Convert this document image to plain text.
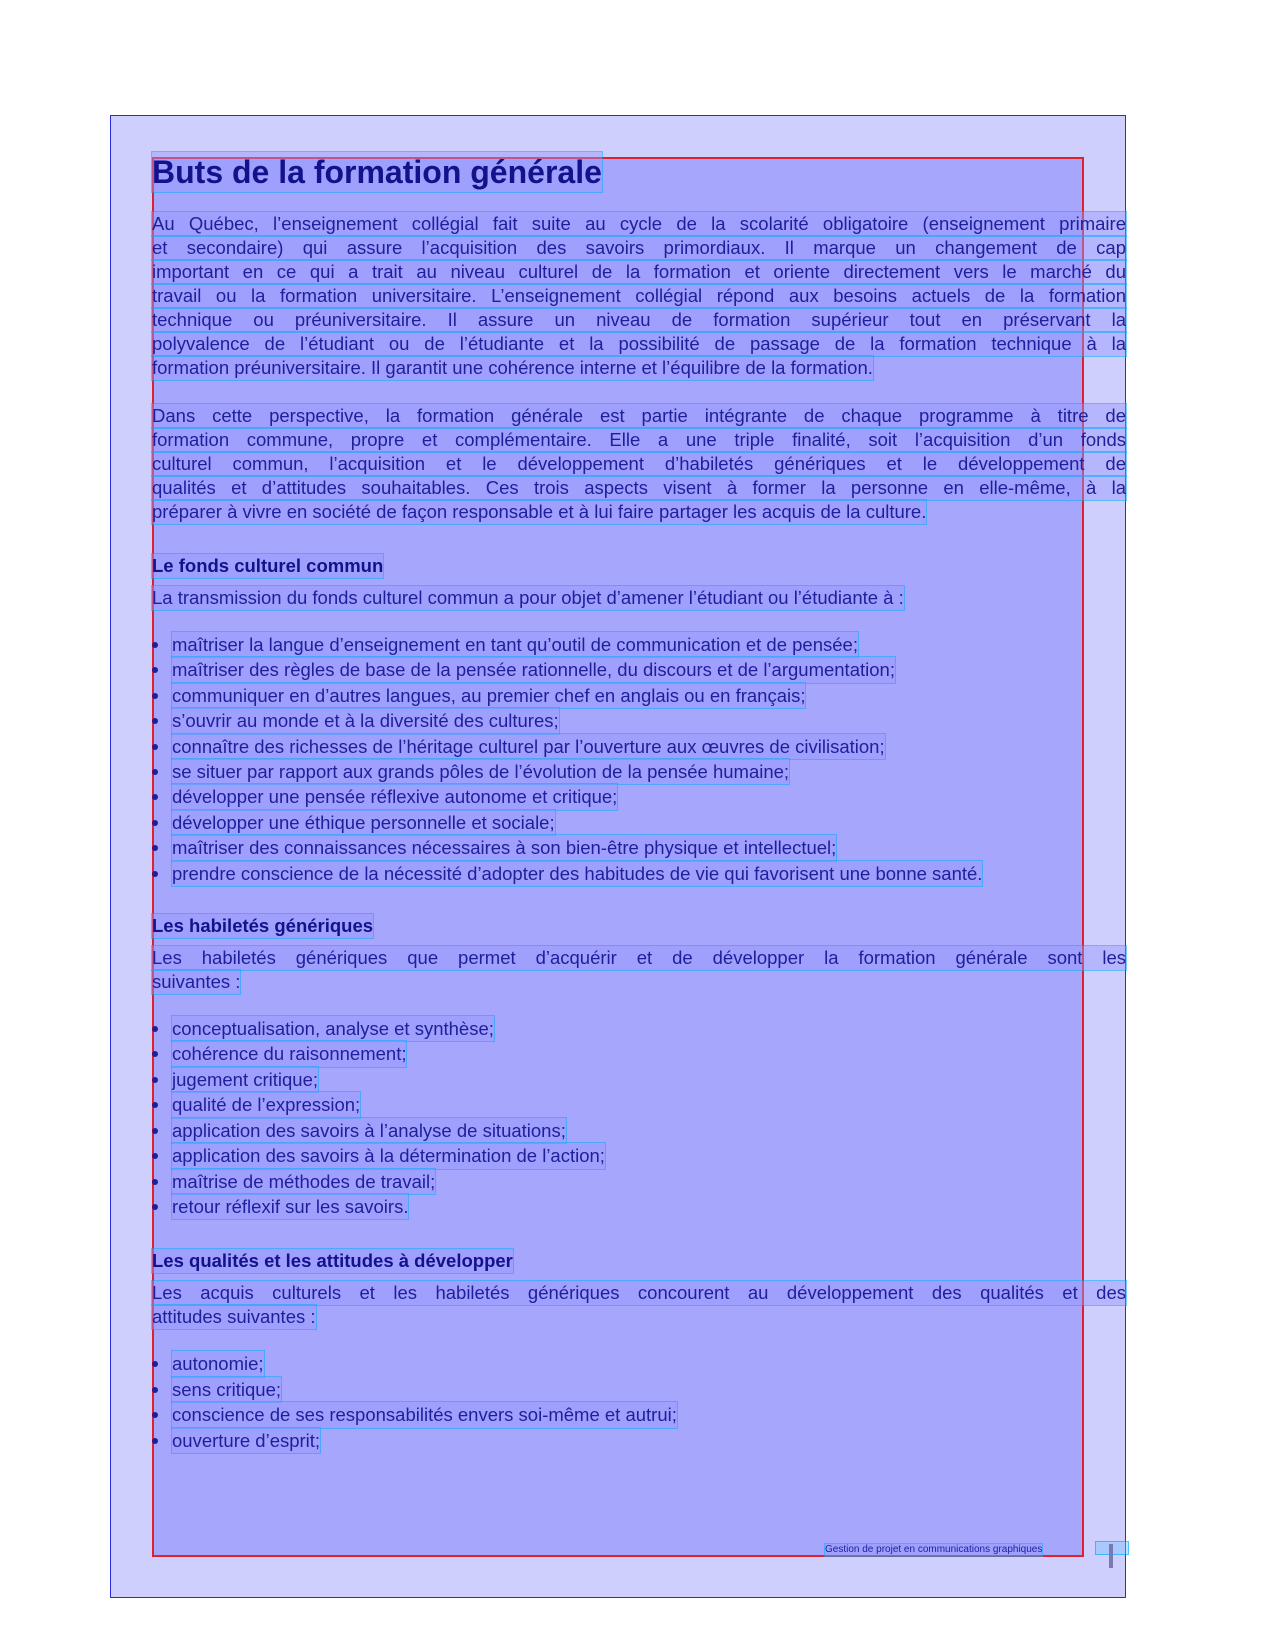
Buts de la formation générale
Au Québec, l’enseignement collégial fait suite au cycle de la scolarité obligatoire (enseignement primaire
et secondaire) qui assure l’acquisition des savoirs primordiaux. Il marque un changement de cap
important en ce qui a trait au niveau culturel de la formation et oriente directement vers le marché du
travail ou la formation universitaire. L’enseignement collégial répond aux besoins actuels de la formation
technique ou préuniversitaire. Il assure un niveau de formation supérieur tout en préservant la
polyvalence de l’étudiant ou de l’étudiante et la possibilité de passage de la formation technique à la
formation préuniversitaire. Il garantit une cohérence interne et l’équilibre de la formation.
Dans cette perspective, la formation générale est partie intégrante de chaque programme à titre de
formation commune, propre et complémentaire. Elle a une triple finalité, soit l’acquisition d’un fonds
culturel commun, l’acquisition et le développement d’habiletés génériques et le développement de
qualités et d’attitudes souhaitables. Ces trois aspects visent à former la personne en elle-même, à la
préparer à vivre en société de façon responsable et à lui faire partager les acquis de la culture.
Le fonds culturel commun
La transmission du fonds culturel commun a pour objet d’amener l’étudiant ou l’étudiante à :
maîtriser la langue d’enseignement en tant qu’outil de communication et de pensée;
maîtriser des règles de base de la pensée rationnelle, du discours et de l’argumentation;
communiquer en d’autres langues, au premier chef en anglais ou en français;
s’ouvrir au monde et à la diversité des cultures;
connaître des richesses de l’héritage culturel par l’ouverture aux œuvres de civilisation;
se situer par rapport aux grands pôles de l’évolution de la pensée humaine;
développer une pensée réflexive autonome et critique;
développer une éthique personnelle et sociale;
maîtriser des connaissances nécessaires à son bien-être physique et intellectuel;
prendre conscience de la nécessité d’adopter des habitudes de vie qui favorisent une bonne santé.
Les habiletés génériques
Les habiletés génériques que permet d’acquérir et de développer la formation générale sont les
suivantes :
conceptualisation, analyse et synthèse;
cohérence du raisonnement;
jugement critique;
qualité de l’expression;
application des savoirs à l’analyse de situations;
application des savoirs à la détermination de l’action;
maîtrise de méthodes de travail;
retour réflexif sur les savoirs.
Les qualités et les attitudes à développer
Les acquis culturels et les habiletés génériques concourent au développement des qualités et des
attitudes suivantes :
autonomie;
sens critique;
conscience de ses responsabilités envers soi-même et autrui;
ouverture d’esprit;
Gestion de projet en communications graphiques
